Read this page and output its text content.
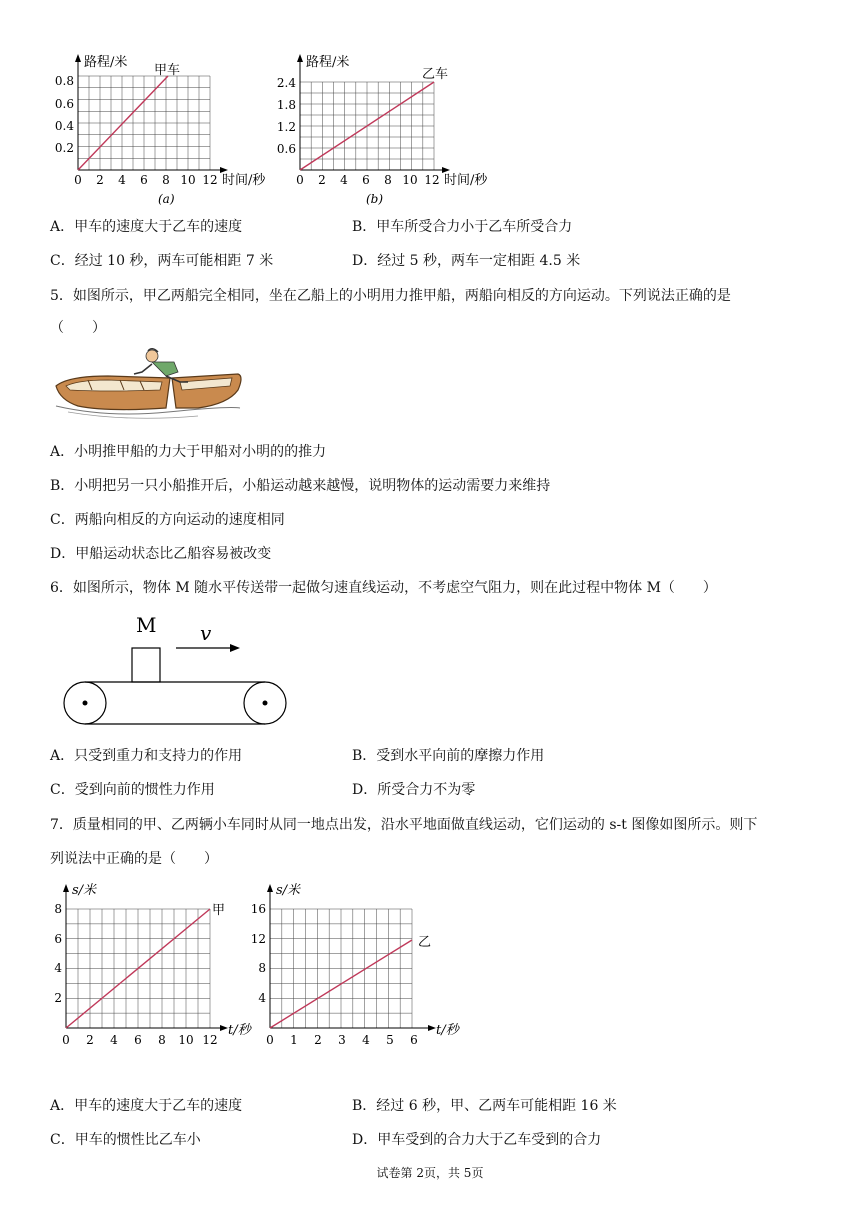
路程/米
甲车
时间/秒
(a)
0.8
0.6
0.4
0.2
0 2 4 6 8 10 12
路程/米
乙车
时间/秒
(b)
2.4
1.8
1.2
0.6
0 2 4 6 8 10 12
A．甲车的速度大于乙车的速度	B．甲车所受合力小于乙车所受合力
C．经过 10 秒，两车可能相距 7 米	D．经过 5 秒，两车一定相距 4.5 米
5．如图所示，甲乙两船完全相同，坐在乙船上的小明用力推甲船，两船向相反的方向运动。下列说法正确的是
（　　）
A．小明推甲船的力大于甲船对小明的的推力
B．小明把另一只小船推开后，小船运动越来越慢，说明物体的运动需要力来维持
C．两船向相反的方向运动的速度相同
D．甲船运动状态比乙船容易被改变
6．如图所示，物体 M 随水平传送带一起做匀速直线运动，不考虑空气阻力，则在此过程中物体 M（　　）
M v
A．只受到重力和支持力的作用	B．受到水平向前的摩擦力作用
C．受到向前的惯性力作用	D．所受合力不为零
7．质量相同的甲、乙两辆小车同时从同一地点出发，沿水平地面做直线运动，它们运动的 s-t 图像如图所示。则下
列说法中正确的是（　　）
s/米
甲
t/秒
8
6
4
2
0 2 4 6 8 10 12
s/米
乙
t/秒
16
12
8
4
0 1 2 3 4 5 6
A．甲车的速度大于乙车的速度	B．经过 6 秒，甲、乙两车可能相距 16 米
C．甲车的惯性比乙车小	D．甲车受到的合力大于乙车受到的合力
试卷第 2页，共 5页
